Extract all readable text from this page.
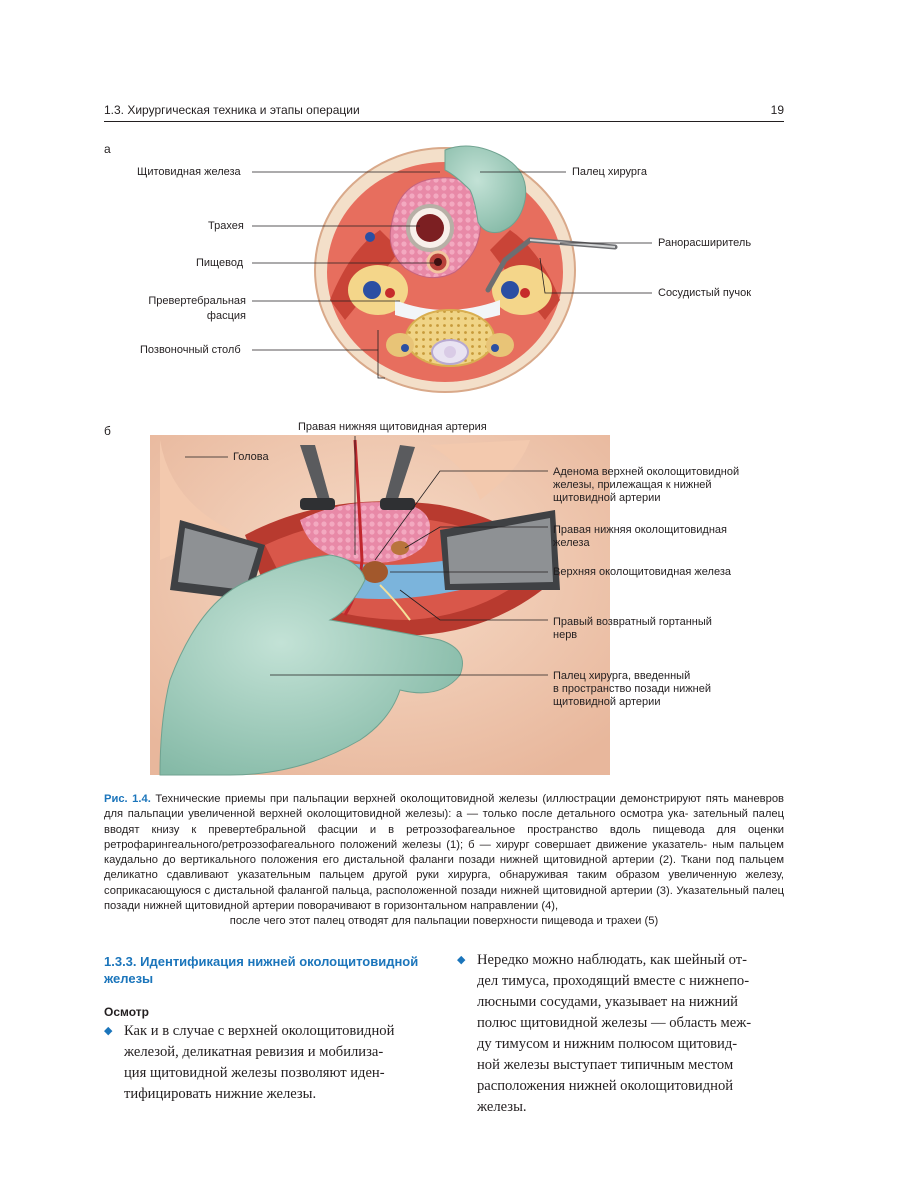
1.3. Хирургическая техника и этапы операции	19
а
б
Щитовидная железа
Трахея
Пищевод
Превертебральная
фасция
Позвоночный столб
Палец хирурга
Ранорасширитель
Сосудистый пучок
Правая нижняя щитовидная артерия
Голова
Аденома верхней околощитовидной
железы, прилежащая к нижней
щитовидной артерии
Правая нижняя околощитовидная
железа
Верхняя околощитовидная железа
Правый возвратный гортанный
нерв
Палец хирурга, введенный
в пространство позади нижней
щитовидной артерии
Рис. 1.4. Технические приемы при пальпации верхней околощитовидной железы (иллюстрации демонстрируют пять маневров для пальпации увеличенной верхней околощитовидной железы): а — только после детального осмотра ука- зательный палец вводят книзу к превертебральной фасции и в ретроэзофагеальное пространство вдоль пищевода для оценки ретрофарингеального/ретроэзофагеального положений железы (1); б — хирург совершает движение указатель- ным пальцем каудально до вертикального положения его дистальной фаланги позади нижней щитовидной артерии (2). Ткани под пальцем деликатно сдавливают указательным пальцем другой руки хирурга, обнаруживая таким образом увеличенную железу, соприкасающуюся с дистальной фалангой пальца, расположенной позади нижней щитовидной артерии (3). Указательный палец позади нижней щитовидной артерии поворачивают в горизонтальном направлении (4),
после чего этот палец отводят для пальпации поверхности пищевода и трахеи (5)
1.3.3. Идентификация нижней околощитовидной
железы
Осмотр
◆ Как и в случае с верхней околощитовидной
железой, деликатная ревизия и мобилиза-
ция щитовидной железы позволяют иден-
тифицировать нижние железы.
◆ Нередко можно наблюдать, как шейный от-
дел тимуса, проходящий вместе с нижнепо-
люсными сосудами, указывает на нижний
полюс щитовидной железы — область меж-
ду тимусом и нижним полюсом щитовид-
ной железы выступает типичным местом
расположения нижней околощитовидной
железы.
